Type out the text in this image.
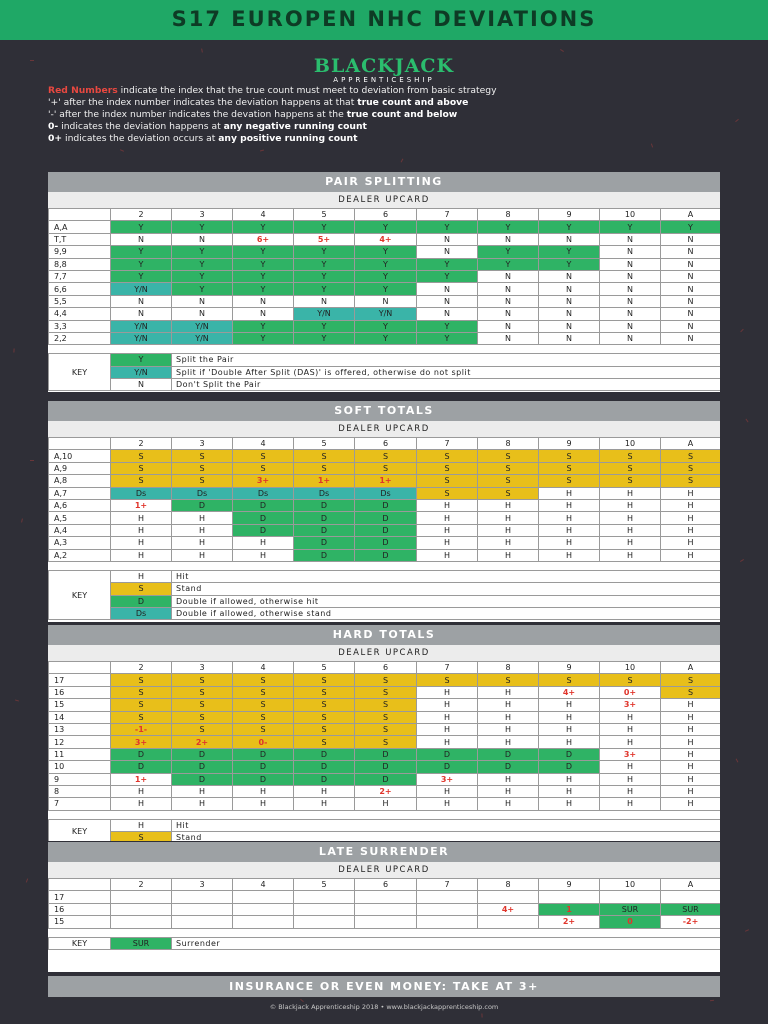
S17 EUROPEN NHC DEVIATIONS
BLACKJACK
APPRENTICESHIP
Red Numbers indicate the index that the true count must meet to deviation from basic strategy
'+' after the index number indicates the deviation happens at that true count and above
'-' after the index number indicates the devation happens at the true count and below
0- indicates the deviation happens at any negative running count
0+ indicates the deviation occurs at any positive running count
PAIR SPLITTING
DEALER UPCARD
	2	3	4	5	6	7	8	9	10	A
A,A	Y	Y	Y	Y	Y	Y	Y	Y	Y	Y
T,T	N	N	6+	5+	4+	N	N	N	N	N
9,9	Y	Y	Y	Y	Y	N	Y	Y	N	N
8,8	Y	Y	Y	Y	Y	Y	Y	Y	N	N
7,7	Y	Y	Y	Y	Y	Y	N	N	N	N
6,6	Y/N	Y	Y	Y	Y	N	N	N	N	N
5,5	N	N	N	N	N	N	N	N	N	N
4,4	N	N	N	Y/N	Y/N	N	N	N	N	N
3,3	Y/N	Y/N	Y	Y	Y	Y	N	N	N	N
2,2	Y/N	Y/N	Y	Y	Y	Y	N	N	N	N
KEY	Y	Split the Pair
	Y/N	Split if 'Double After Split (DAS)' is offered, otherwise do not split
	N	Don't Split the Pair
SOFT TOTALS
DEALER UPCARD
	2	3	4	5	6	7	8	9	10	A
A,10	S	S	S	S	S	S	S	S	S	S
A,9	S	S	S	S	S	S	S	S	S	S
A,8	S	S	3+	1+	1+	S	S	S	S	S
A,7	Ds	Ds	Ds	Ds	Ds	S	S	H	H	H
A,6	1+	D	D	D	D	H	H	H	H	H
A,5	H	H	D	D	D	H	H	H	H	H
A,4	H	H	D	D	D	H	H	H	H	H
A,3	H	H	H	D	D	H	H	H	H	H
A,2	H	H	H	D	D	H	H	H	H	H
KEY	H	Hit
	S	Stand
	D	Double if allowed, otherwise hit
	Ds	Double if allowed, otherwise stand
HARD TOTALS
DEALER UPCARD
	2	3	4	5	6	7	8	9	10	A
17	S	S	S	S	S	S	S	S	S	S
16	S	S	S	S	S	H	H	4+	0+	S
15	S	S	S	S	S	H	H	H	3+	H
14	S	S	S	S	S	H	H	H	H	H
13	-1-	S	S	S	S	H	H	H	H	H
12	3+	2+	0-	S	S	H	H	H	H	H
11	D	D	D	D	D	D	D	D	3+	H
10	D	D	D	D	D	D	D	D	H	H
9	1+	D	D	D	D	3+	H	H	H	H
8	H	H	H	H	2+	H	H	H	H	H
7	H	H	H	H	H	H	H	H	H	H
KEY	H	Hit
	S	Stand
LATE SURRENDER
DEALER UPCARD
	2	3	4	5	6	7	8	9	10	A
17										
16							4+	1	SUR	SUR
15								2+	0	-2+
KEY	SUR	Surrender
INSURANCE OR EVEN MONEY: TAKE AT 3+
© Blackjack Apprenticeship 2018 • www.blackjackapprenticeship.com
